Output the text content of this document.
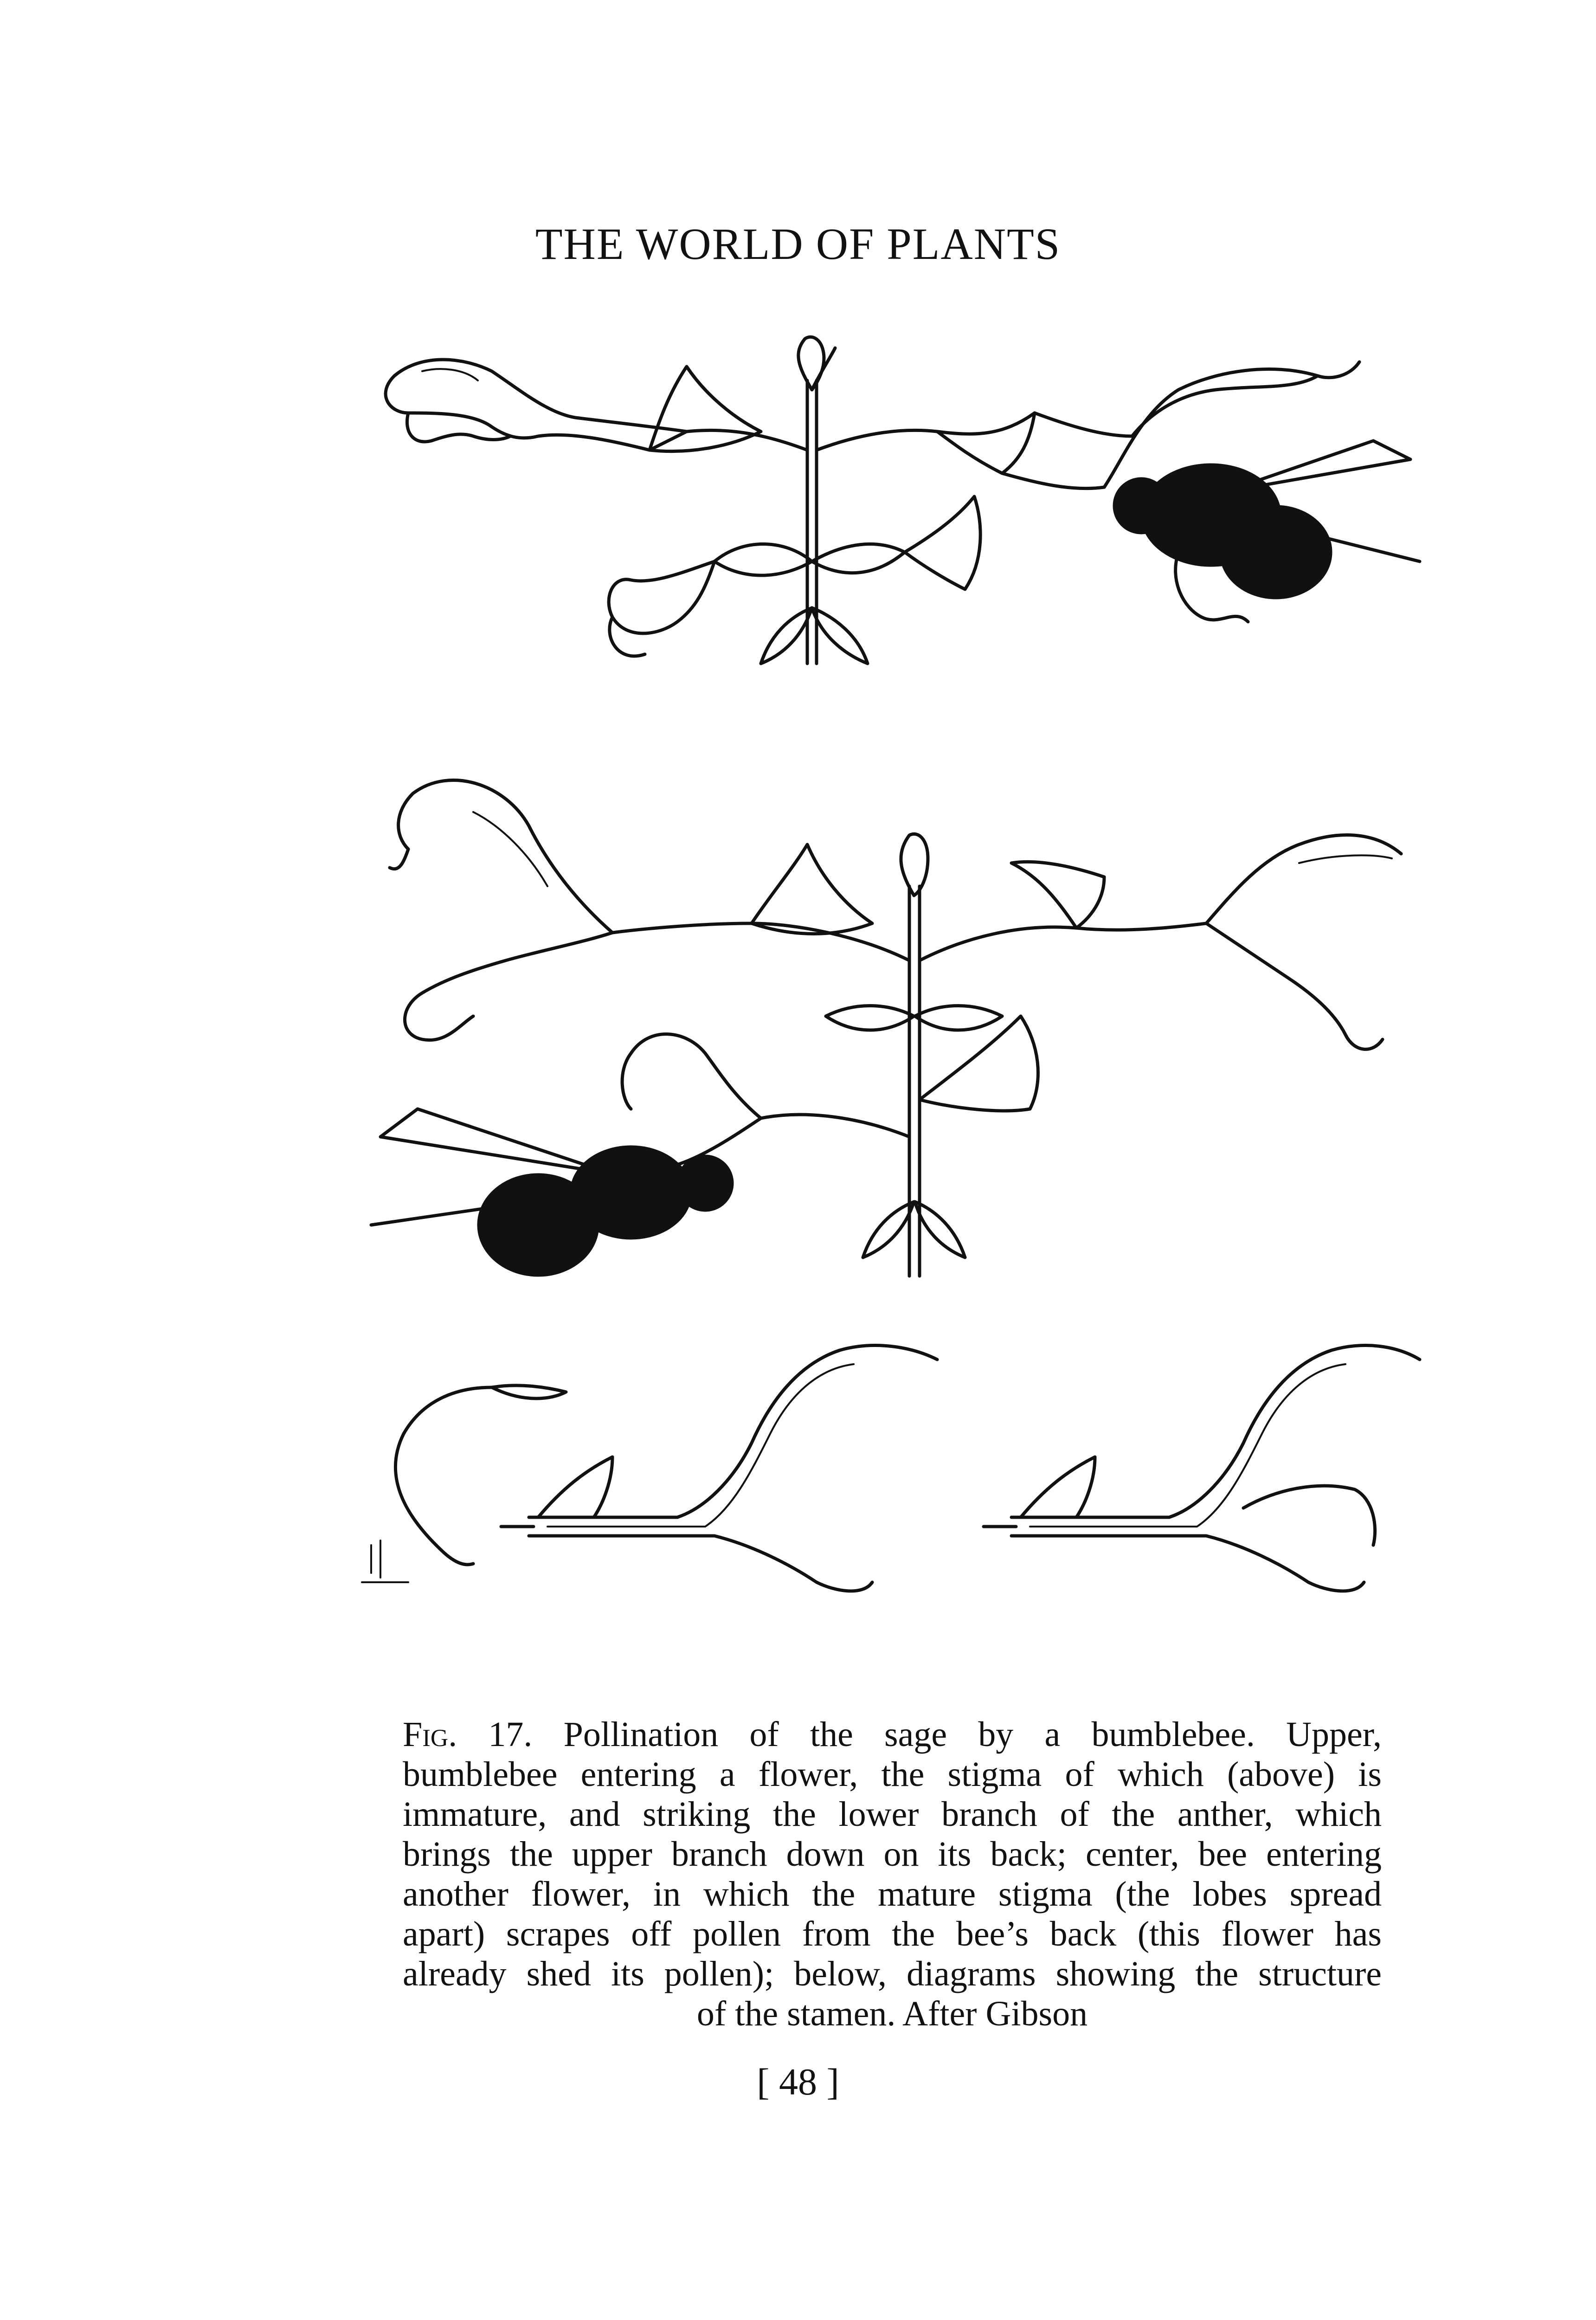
THE WORLD OF PLANTS
Fig. 17. Pollination of the sage by a bumblebee. Upper,
bumblebee entering a flower, the stigma of which (above) is
immature, and striking the lower branch of the anther, which
brings the upper branch down on its back; center, bee entering
another flower, in which the mature stigma (the lobes spread
apart) scrapes off pollen from the bee’s back (this flower has
already shed its pollen); below, diagrams showing the structure
of the stamen. After Gibson
[ 48 ]
